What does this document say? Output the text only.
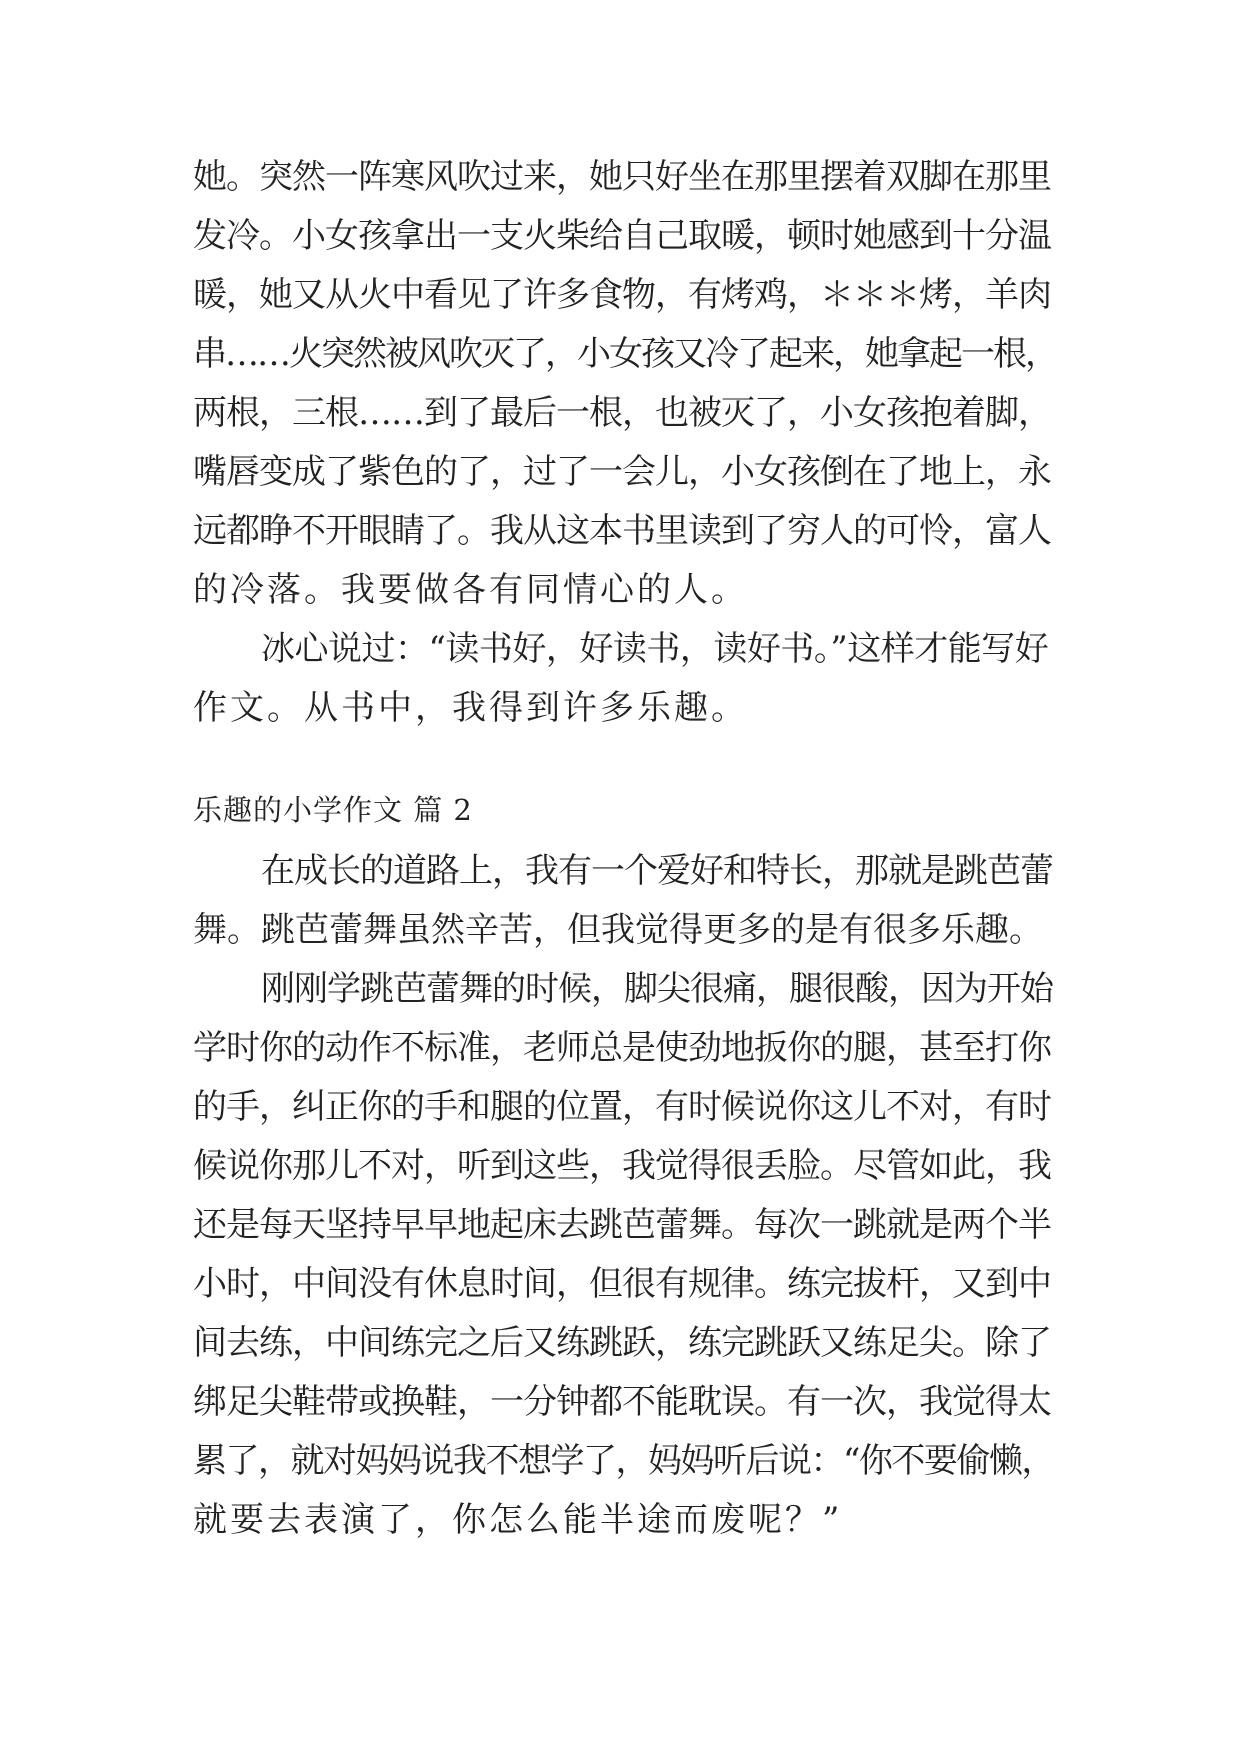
她。突然一阵寒风吹过来，她只好坐在那里摆着双脚在那里
发冷。小女孩拿出一支火柴给自己取暖，顿时她感到十分温
暖，她又从火中看见了许多食物，有烤鸡，＊＊＊烤，羊肉
串……火突然被风吹灭了，小女孩又冷了起来，她拿起一根，
两根，三根……到了最后一根，也被灭了，小女孩抱着脚，
嘴唇变成了紫色的了，过了一会儿，小女孩倒在了地上，永
远都睁不开眼睛了。我从这本书里读到了穷人的可怜，富人
的冷落。我要做各有同情心的人。
冰心说过：“读书好，好读书，读好书。”这样才能写好
作文。从书中，我得到许多乐趣。
乐趣的小学作文 篇 2
在成长的道路上，我有一个爱好和特长，那就是跳芭蕾
舞。跳芭蕾舞虽然辛苦，但我觉得更多的是有很多乐趣。
刚刚学跳芭蕾舞的时候，脚尖很痛，腿很酸，因为开始
学时你的动作不标准，老师总是使劲地扳你的腿，甚至打你
的手，纠正你的手和腿的位置，有时候说你这儿不对，有时
候说你那儿不对，听到这些，我觉得很丢脸。尽管如此，我
还是每天坚持早早地起床去跳芭蕾舞。每次一跳就是两个半
小时，中间没有休息时间，但很有规律。练完拔杆，又到中
间去练，中间练完之后又练跳跃，练完跳跃又练足尖。除了
绑足尖鞋带或换鞋，一分钟都不能耽误。有一次，我觉得太
累了，就对妈妈说我不想学了，妈妈听后说：“你不要偷懒，
就要去表演了，你怎么能半途而废呢？”
